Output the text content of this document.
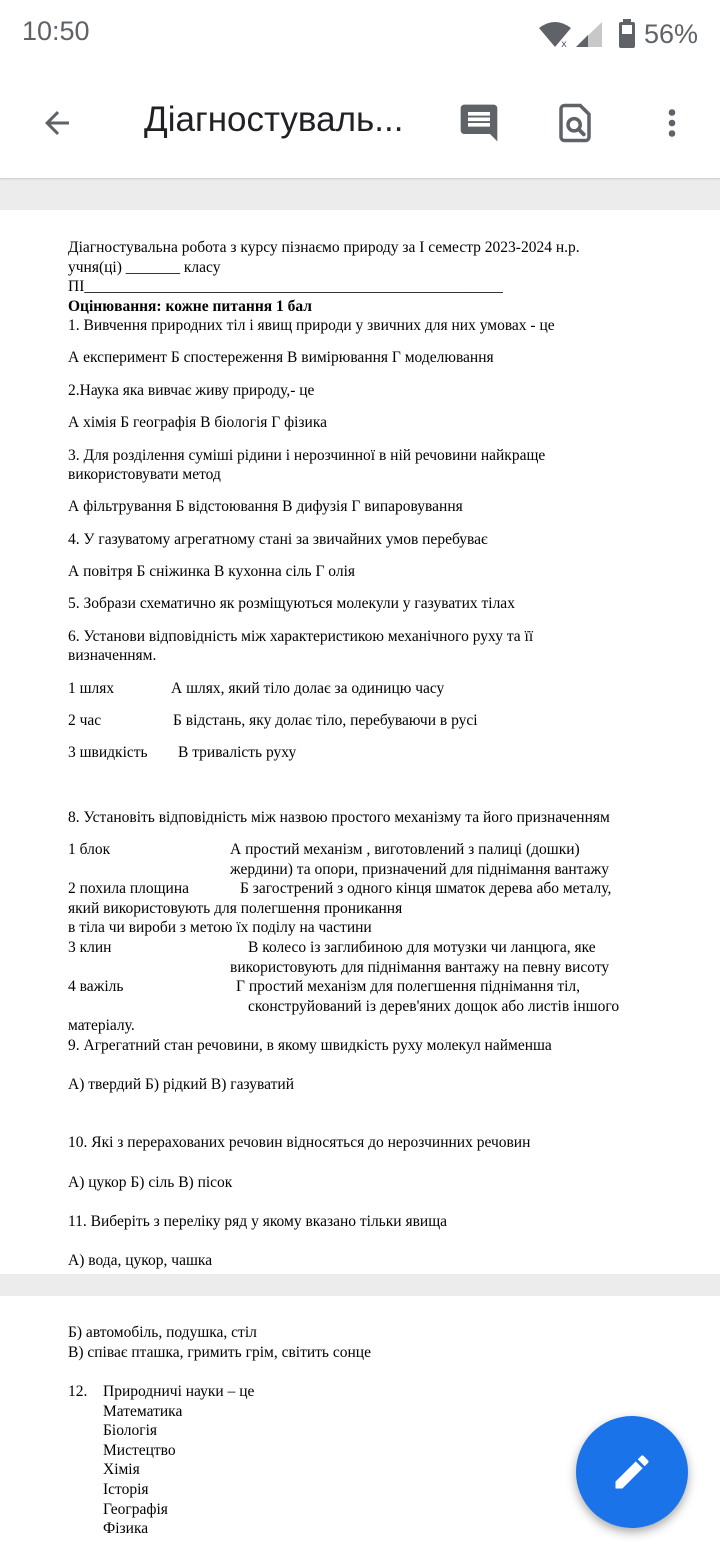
10:50	x	56%
Діагностуваль...
Діагностувальна робота з курсу пізнаємо природу за І семестр 2023-2024 н.р.
учня(ці) _______ класу
ПІ______________________________________________________
Оцінювання: кожне питання 1 бал
1. Вивчення природних тіл і явищ природи у звичних для них умовах - це
А експеримент Б спостереження В вимірювання Г моделювання
2.Наука яка вивчає живу природу,- це
А хімія Б географія В біологія Г фізика
3. Для розділення суміші рідини і нерозчинної в ній речовини найкраще
використовувати метод
А фільтрування Б відстоювання В дифузія Г випаровування
4. У газуватому агрегатному стані за звичайних умов перебуває
А повітря Б сніжинка В кухонна сіль Г олія
5. Зобрази схематично як розміщуються молекули у газуватих тілах
6. Установи відповідність між характеристикою механічного руху та її
визначенням.
1 шлях	А шлях, який тіло долає за одиницю часу
2 час	Б відстань, яку долає тіло, перебуваючи в русі
3 швидкість В тривалість руху
8. Установіть відповідність між назвою простого механізму та його призначенням
1 блок	А простий механізм , виготовлений з палиці (дошки)
жердини) та опори, призначений для піднімання вантажу
2 похила площина	Б загострений з одного кінця шматок дерева або металу,
який використовують для полегшення проникання
в тіла чи вироби з метою їх поділу на частини
3 клин	В колесо із заглибиною для мотузки чи ланцюга, яке
використовують для піднімання вантажу на певну висоту
4 важіль	Г простий механізм для полегшення піднімання тіл,
сконструйований із дерев'яних дощок або листів іншого
матеріалу.
9. Агрегатний стан речовини, в якому швидкість руху молекул найменша
А) твердий Б) рідкий В) газуватий
10. Які з перерахованих речовин відносяться до нерозчинних речовин
А) цукор Б) сіль В) пісок
11. Виберіть з переліку ряд у якому вказано тільки явища
А) вода, цукор, чашка
Б) автомобіль, подушка, стіл
В) співає пташка, гримить грім, світить сонце
12. Природничі науки – це
Математика
Біологія
Мистецтво
Хімія
Історія
Географія
Фізика
